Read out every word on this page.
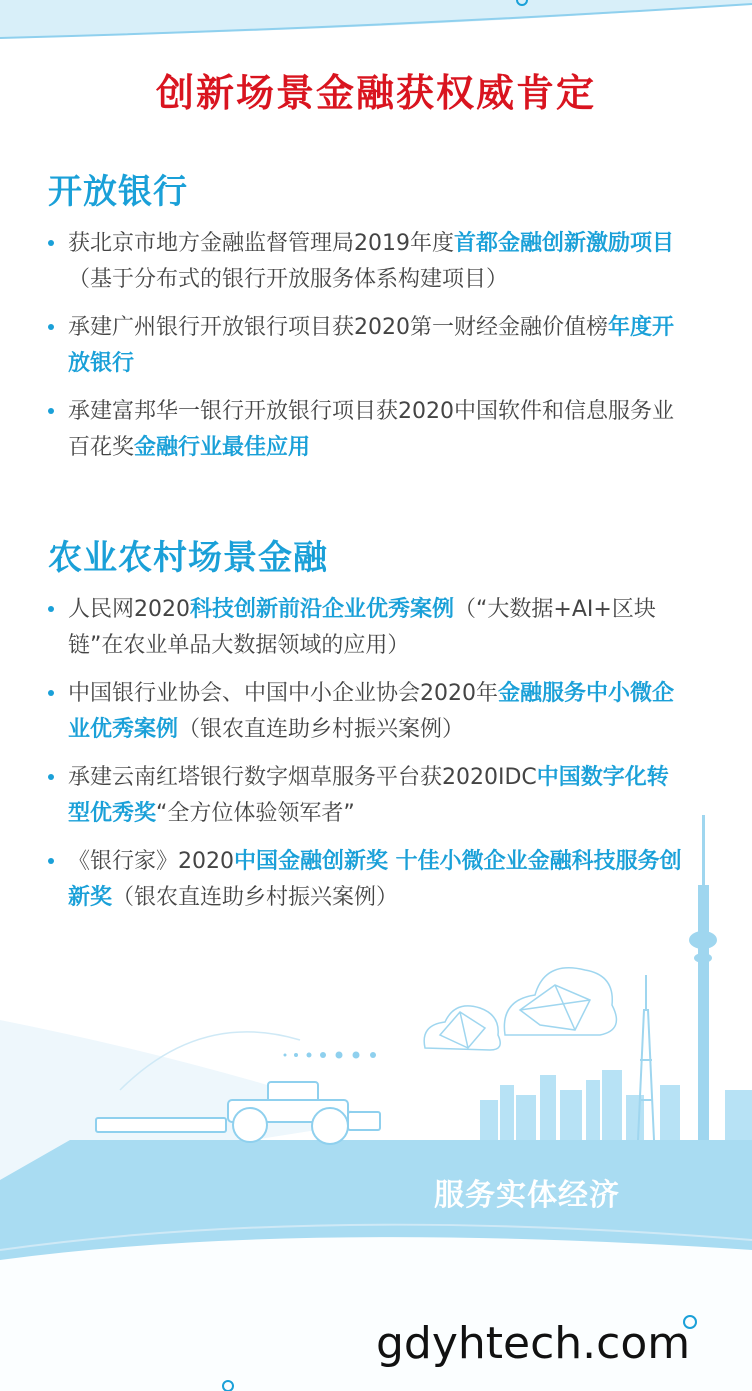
创新场景金融获权威肯定
开放银行
获北京市地方金融监督管理局2019年度首都金融创新激励项目（基于分布式的银行开放服务体系构建项目）
承建广州银行开放银行项目获2020第一财经金融价值榜年度开放银行
承建富邦华一银行开放银行项目获2020中国软件和信息服务业百花奖金融行业最佳应用
农业农村场景金融
人民网2020科技创新前沿企业优秀案例（“大数据+AI+区块链”在农业单品大数据领域的应用）
中国银行业协会、中国中小企业协会2020年金融服务中小微企业优秀案例（银农直连助乡村振兴案例）
承建云南红塔银行数字烟草服务平台获2020IDC中国数字化转型优秀奖“全方位体验领军者”
《银行家》2020中国金融创新奖 十佳小微企业金融科技服务创新奖（银农直连助乡村振兴案例）
服务实体经济
gdyhtech.com
